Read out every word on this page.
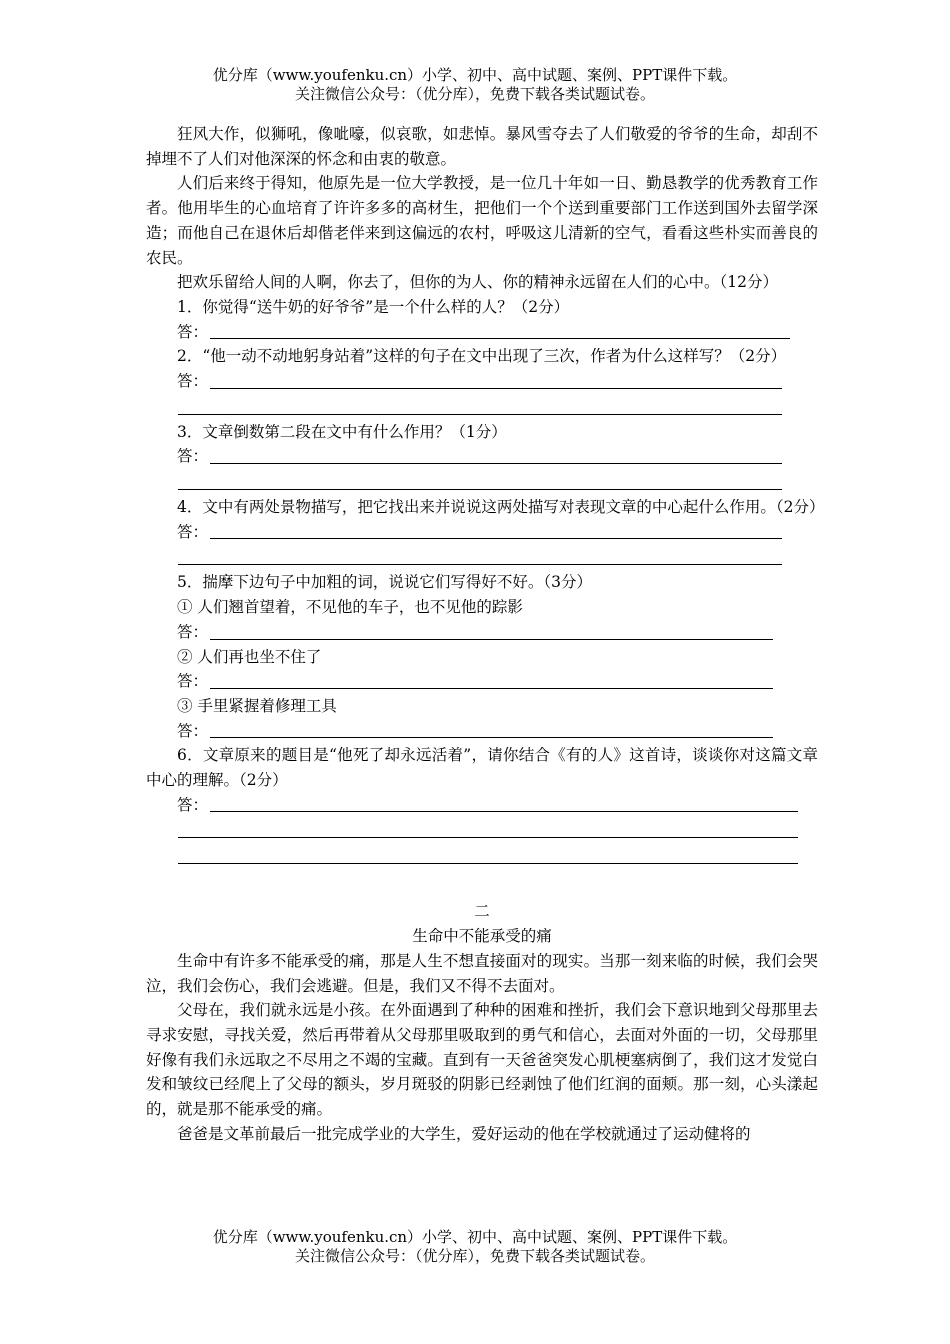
优分库（www.youfenku.cn）小学、初中、高中试题、案例、PPT课件下载。
关注微信公众号：（优分库），免费下载各类试题试卷。
狂风大作，似狮吼，像呲嚎，似哀歌，如悲悼。暴风雪夺去了人们敬爱的爷爷的生命，却刮不掉埋不了人们对他深深的怀念和由衷的敬意。
人们后来终于得知，他原先是一位大学教授，是一位几十年如一日、勤恳教学的优秀教育工作者。他用毕生的心血培育了许许多多的高材生，把他们一个个送到重要部门工作送到国外去留学深造；而他自己在退休后却偕老伴来到这偏远的农村，呼吸这儿清新的空气，看看这些朴实而善良的农民。
把欢乐留给人间的人啊，你去了，但你的为人、你的精神永远留在人们的心中。（12分）
1．你觉得“送牛奶的好爷爷”是一个什么样的人？（2分）
答：
2．“他一动不动地躬身站着”这样的句子在文中出现了三次，作者为什么这样写？（2分）
答：
3．文章倒数第二段在文中有什么作用？（1分）
答：
4．文中有两处景物描写，把它找出来并说说这两处描写对表现文章的中心起什么作用。（2分）
答：
5．揣摩下边句子中加粗的词，说说它们写得好不好。（3分）
① 人们翘首望着，不见他的车子，也不见他的踪影
答：
② 人们再也坐不住了
答：
③ 手里紧握着修理工具
答：
6．文章原来的题目是“他死了却永远活着”，请你结合《有的人》这首诗，谈谈你对这篇文章中心的理解。（2分）
答：
二
生命中不能承受的痛
生命中有许多不能承受的痛，那是人生不想直接面对的现实。当那一刻来临的时候，我们会哭泣，我们会伤心，我们会逃避。但是，我们又不得不去面对。
父母在，我们就永远是小孩。在外面遇到了种种的困难和挫折，我们会下意识地到父母那里去寻求安慰，寻找关爱，然后再带着从父母那里吸取到的勇气和信心，去面对外面的一切，父母那里好像有我们永远取之不尽用之不竭的宝藏。直到有一天爸爸突发心肌梗塞病倒了，我们这才发觉白发和皱纹已经爬上了父母的额头，岁月斑驳的阴影已经剥蚀了他们红润的面颊。那一刻，心头漾起的，就是那不能承受的痛。
爸爸是文革前最后一批完成学业的大学生，爱好运动的他在学校就通过了运动健将的
优分库（www.youfenku.cn）小学、初中、高中试题、案例、PPT课件下载。
关注微信公众号：（优分库），免费下载各类试题试卷。
